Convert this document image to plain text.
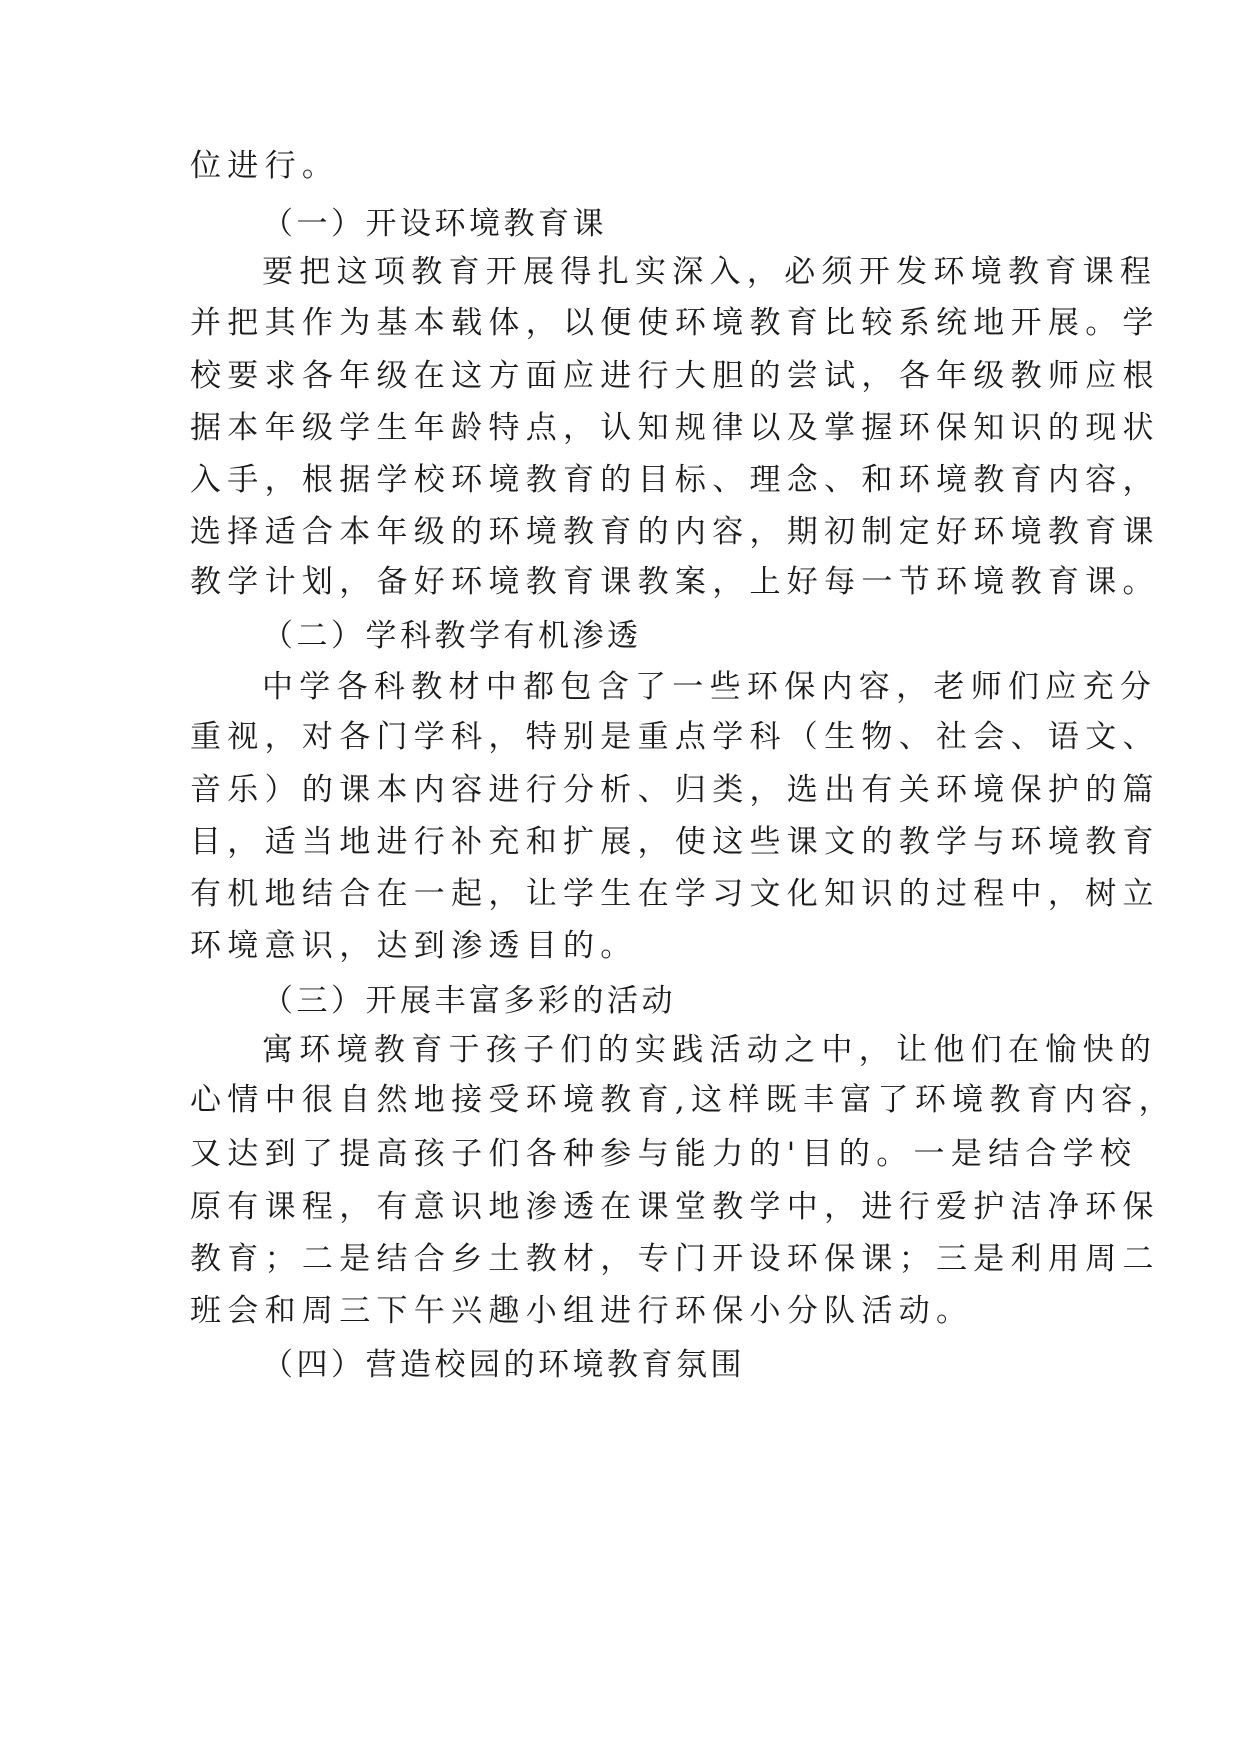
位进行。
（一）开设环境教育课
要把这项教育开展得扎实深入，必须开发环境教育课程
并把其作为基本载体，以便使环境教育比较系统地开展。学
校要求各年级在这方面应进行大胆的尝试，各年级教师应根
据本年级学生年龄特点，认知规律以及掌握环保知识的现状
入手，根据学校环境教育的目标、理念、和环境教育内容，
选择适合本年级的环境教育的内容，期初制定好环境教育课
教学计划，备好环境教育课教案，上好每一节环境教育课。
（二）学科教学有机渗透
中学各科教材中都包含了一些环保内容，老师们应充分
重视，对各门学科，特别是重点学科（生物、社会、语文、
音乐）的课本内容进行分析、归类，选出有关环境保护的篇
目，适当地进行补充和扩展，使这些课文的教学与环境教育
有机地结合在一起，让学生在学习文化知识的过程中，树立
环境意识，达到渗透目的。
（三）开展丰富多彩的活动
寓环境教育于孩子们的实践活动之中，让他们在愉快的
心情中很自然地接受环境教育,这样既丰富了环境教育内容，
又达到了提高孩子们各种参与能力的'目的。一是结合学校
原有课程，有意识地渗透在课堂教学中，进行爱护洁净环保
教育；二是结合乡土教材，专门开设环保课；三是利用周二
班会和周三下午兴趣小组进行环保小分队活动。
（四）营造校园的环境教育氛围
